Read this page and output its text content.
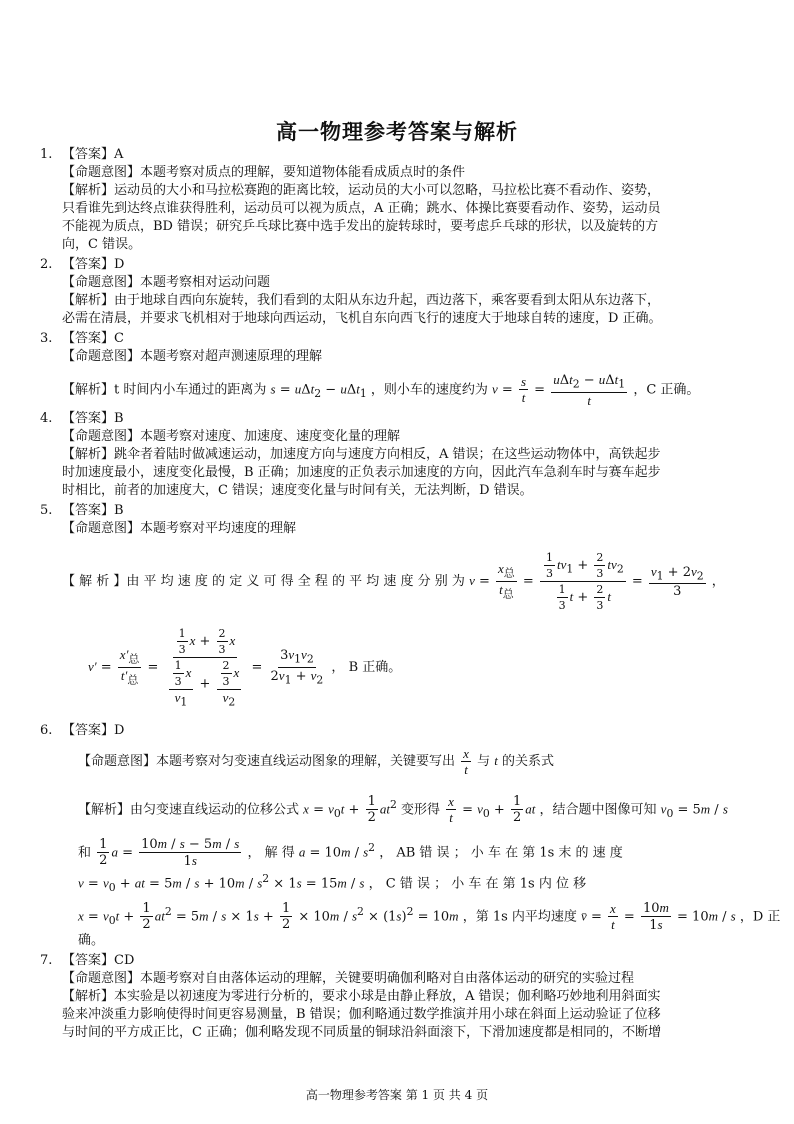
高一物理参考答案与解析
1. 【答案】A
【命题意图】本题考察对质点的理解，要知道物体能看成质点时的条件
【解析】运动员的大小和马拉松赛跑的距离比较，运动员的大小可以忽略，马拉松比赛不看动作、姿势，
只看谁先到达终点谁获得胜利，运动员可以视为质点，A 正确；跳水、体操比赛要看动作、姿势，运动员
不能视为质点，BD 错误；研究乒乓球比赛中选手发出的旋转球时，要考虑乒乓球的形状，以及旋转的方
向，C 错误。
2. 【答案】D
【命题意图】本题考察相对运动问题
【解析】由于地球自西向东旋转，我们看到的太阳从东边升起，西边落下，乘客要看到太阳从东边落下，
必需在清晨，并要求飞机相对于地球向西运动，飞机自东向西飞行的速度大于地球自转的速度，D 正确。
3. 【答案】C
【命题意图】本题考察对超声测速原理的理解
【解析】t 时间内小车通过的距离为 s = uΔt$_2$ − uΔt$_1$ ，则小车的速度约为 $v = \frac{s}{t}$ =
uΔt$_2$ − uΔt$_1$
t
，C 正确。
4. 【答案】B
【命题意图】本题考察对速度、加速度、速度变化量的理解
【解析】跳伞者着陆时做减速运动，加速度方向与速度方向相反，A 错误；在这些运动物体中，高铁起步
时加速度最小，速度变化最慢，B 正确；加速度的正负表示加速度的方向，因此汽车急刹车时与赛车起步
时相比，前者的加速度大，C 错误；速度变化量与时间有关，无法判断，D 错误。
5. 【答案】B
【命题意图】本题考察对平均速度的理解
【 解 析 】由 平 均 速 度 的 定 义 可 得 全 程 的 平 均 速 度 分 别 为 v =
$x_总$
$t_总$
= $\frac{\frac{1}{3} tv_1 + \frac{2}{3} tv_2}{\frac{1}{3} t + \frac{2}{3} t} = \frac{v_1 + 2v_2}{3}$ ，
v′ =
$x'_总$
$t'_总$
= $\frac{\frac{1}{3} x + \frac{2}{3} x}{\frac{\frac{1}{3} x}{v_1} + \frac{\frac{2}{3} x}{v_2}} = \frac{3v_1v_2}{2v_1 + v_2}$ ， B 正确。
6. 【答案】D
【命题意图】本题考察对匀变速直线运动图象的理解，关键要写出 $\frac{x}{t}$ 与 t 的关系式
【解析】由匀变速直线运动的位移公式 $x = v_0t + \frac{1}{2} at^2$ 变形得 $\frac{x}{t} = v_0 + \frac{1}{2}$ at ，结合题中图像可知 $v_0 = 5m / s$
和 $\frac{1}{2}$ $a = \frac{10m / s - 5m / s}{1s}$ ， 解 得 $a = 10m / s^2$ ， AB 错 误 ； 小 车 在 第 1s 末 的 速 度
$v = v_0$ + at = $5m / s + 10m / s^2 \times 1s = 15m / s$ ， C 错 误 ； 小 车 在 第 1s 内 位 移
$x = v_0t + \frac{1}{2} at^2 = 5m / s \times 1s + \frac{1}{2} \times 10m / s^2 \times (1s)^2 = 10m$ ，第 1s 内平均速度 v̄ = $\frac{x}{t} = \frac{10m}{1s} = 10m / s$ ，D 正
确。
7. 【答案】CD
【命题意图】本题考察对自由落体运动的理解，关键要明确伽利略对自由落体运动的研究的实验过程
【解析】本实验是以初速度为零进行分析的，要求小球是由静止释放，A 错误；伽利略巧妙地利用斜面实
验来冲淡重力影响使得时间更容易测量，B 错误；伽利略通过数学推演并用小球在斜面上运动验证了位移
与时间的平方成正比，C 正确；伽利略发现不同质量的铜球沿斜面滚下，下滑加速度都是相同的，不断增
高一物理参考答案 第 1 页 共 4 页
